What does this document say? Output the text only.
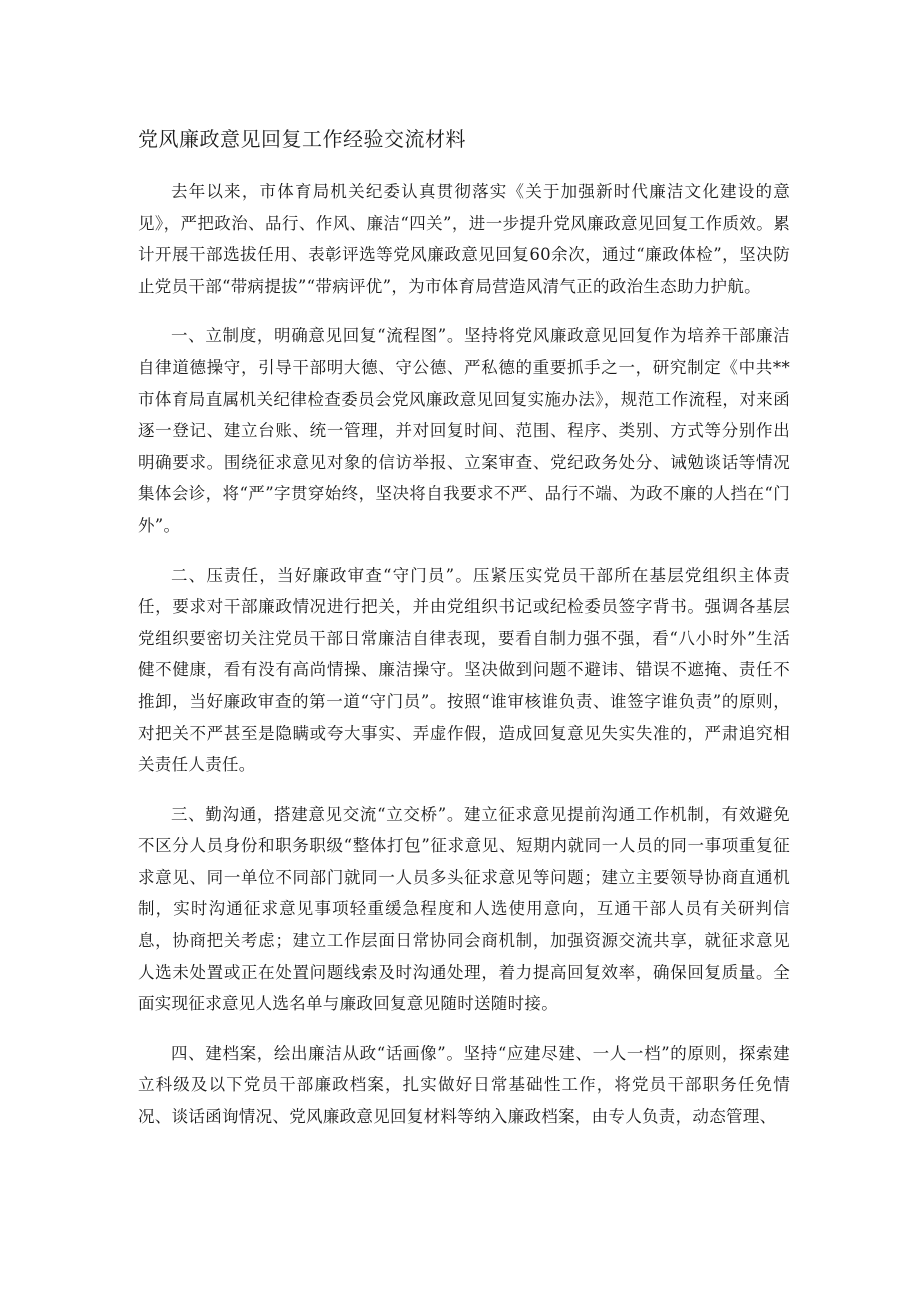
党风廉政意见回复工作经验交流材料

去年以来，市体育局机关纪委认真贯彻落实《关于加强新时代廉洁文化建设的意见》，严把政治、品行、作风、廉洁“四关”，进一步提升党风廉政意见回复工作质效。累计开展干部选拔任用、表彰评选等党风廉政意见回复60余次，通过“廉政体检”，坚决防止党员干部“带病提拔”“带病评优”，为市体育局营造风清气正的政治生态助力护航。

一、立制度，明确意见回复“流程图”。坚持将党风廉政意见回复作为培养干部廉洁自律道德操守，引导干部明大德、守公德、严私德的重要抓手之一，研究制定《中共**市体育局直属机关纪律检查委员会党风廉政意见回复实施办法》，规范工作流程，对来函逐一登记、建立台账、统一管理，并对回复时间、范围、程序、类别、方式等分别作出明确要求。围绕征求意见对象的信访举报、立案审查、党纪政务处分、诫勉谈话等情况集体会诊，将“严”字贯穿始终，坚决将自我要求不严、品行不端、为政不廉的人挡在“门外”。

二、压责任，当好廉政审查“守门员”。压紧压实党员干部所在基层党组织主体责任，要求对干部廉政情况进行把关，并由党组织书记或纪检委员签字背书。强调各基层党组织要密切关注党员干部日常廉洁自律表现，要看自制力强不强，看“八小时外”生活健不健康，看有没有高尚情操、廉洁操守。坚决做到问题不避讳、错误不遮掩、责任不推卸，当好廉政审查的第一道“守门员”。按照“谁审核谁负责、谁签字谁负责”的原则，对把关不严甚至是隐瞒或夸大事实、弄虚作假，造成回复意见失实失准的，严肃追究相关责任人责任。

三、勤沟通，搭建意见交流“立交桥”。建立征求意见提前沟通工作机制，有效避免不区分人员身份和职务职级“整体打包”征求意见、短期内就同一人员的同一事项重复征求意见、同一单位不同部门就同一人员多头征求意见等问题；建立主要领导协商直通机制，实时沟通征求意见事项轻重缓急程度和人选使用意向，互通干部人员有关研判信息，协商把关考虑；建立工作层面日常协同会商机制，加强资源交流共享，就征求意见人选未处置或正在处置问题线索及时沟通处理，着力提高回复效率，确保回复质量。全面实现征求意见人选名单与廉政回复意见随时送随时接。

四、建档案，绘出廉洁从政“话画像”。坚持“应建尽建、一人一档”的原则，探索建立科级及以下党员干部廉政档案，扎实做好日常基础性工作，将党员干部职务任免情况、谈话函询情况、党风廉政意见回复材料等纳入廉政档案，由专人负责，动态管理、
